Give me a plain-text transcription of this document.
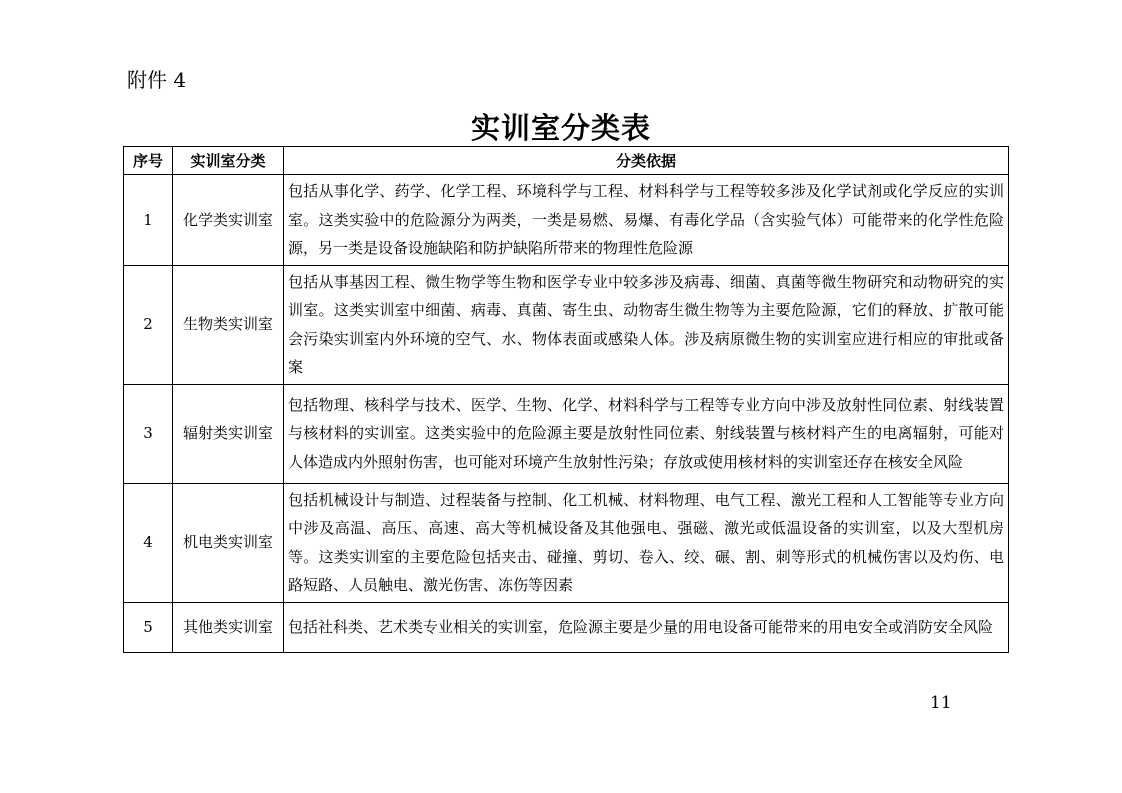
附件 4
实训室分类表
序号	实训室分类	分类依据
1	化学类实训室	包括从事化学、药学、化学工程、环境科学与工程、材料科学与工程等较多涉及化学试剂或化学反应的实训室。这类实验中的危险源分为两类，一类是易燃、易爆、有毒化学品（含实验气体）可能带来的化学性危险源，另一类是设备设施缺陷和防护缺陷所带来的物理性危险源
2	生物类实训室	包括从事基因工程、微生物学等生物和医学专业中较多涉及病毒、细菌、真菌等微生物研究和动物研究的实训室。这类实训室中细菌、病毒、真菌、寄生虫、动物寄生微生物等为主要危险源，它们的释放、扩散可能会污染实训室内外环境的空气、水、物体表面或感染人体。涉及病原微生物的实训室应进行相应的审批或备案
3	辐射类实训室	包括物理、核科学与技术、医学、生物、化学、材料科学与工程等专业方向中涉及放射性同位素、射线装置与核材料的实训室。这类实验中的危险源主要是放射性同位素、射线装置与核材料产生的电离辐射，可能对人体造成内外照射伤害，也可能对环境产生放射性污染；存放或使用核材料的实训室还存在核安全风险
4	机电类实训室	包括机械设计与制造、过程装备与控制、化工机械、材料物理、电气工程、激光工程和人工智能等专业方向中涉及高温、高压、高速、高大等机械设备及其他强电、强磁、激光或低温设备的实训室，以及大型机房等。这类实训室的主要危险包括夹击、碰撞、剪切、卷入、绞、碾、割、刺等形式的机械伤害以及灼伤、电路短路、人员触电、激光伤害、冻伤等因素
5	其他类实训室	包括社科类、艺术类专业相关的实训室，危险源主要是少量的用电设备可能带来的用电安全或消防安全风险
11
